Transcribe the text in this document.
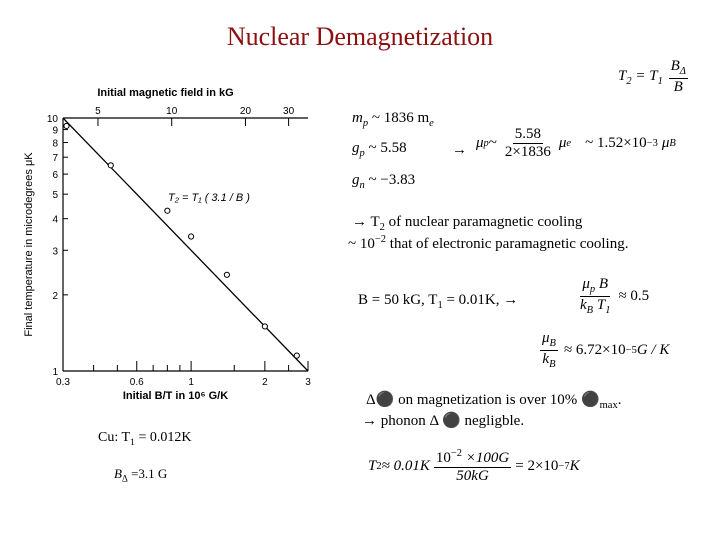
Nuclear Demagnetization
1
2
3
4
5
6
7
8
9
10
0.3	0.6	1	2	3
5	10	20	30
Initial magnetic field in kG
Initial B/T in 10⁶ G/K
Final temperature in microdegrees μK	T₂ = T₁ ( 3.1 / B )
$T_2 = T_1 \frac{B_\Delta}{B}$
$m_p$ ~ 1836 $m_e$
$g_p$ ~ 5.58	→ μ p ~ $\frac{5.58}{2\times 1836}$ μ e ~ 1.52×10 −3 μ B
$g_n$ ~ −3.83
→ $T_2$ of nuclear paramagnetic cooling
~ $10^{-2}$ that of electronic paramagnetic cooling.
B = 50 kG, $T_1 = 0.01K$, →	$\frac{\mu_p B}{k_B T_1} \approx 0.5$
$\frac{\mu_B}{k_B} \approx 6.72\times 10 -5$ G / K
Δ⚫ on magnetization is over 10% $⚫_{max}$.
→ phonon Δ ⚫ negligble.
Cu: $T_1 = 0.012K$
$B_\Delta =3.1$ G	T $2 \approx 0.01K \frac{10^{-2} \times 100G}{50kG} = 2\times 10 -7$ K
